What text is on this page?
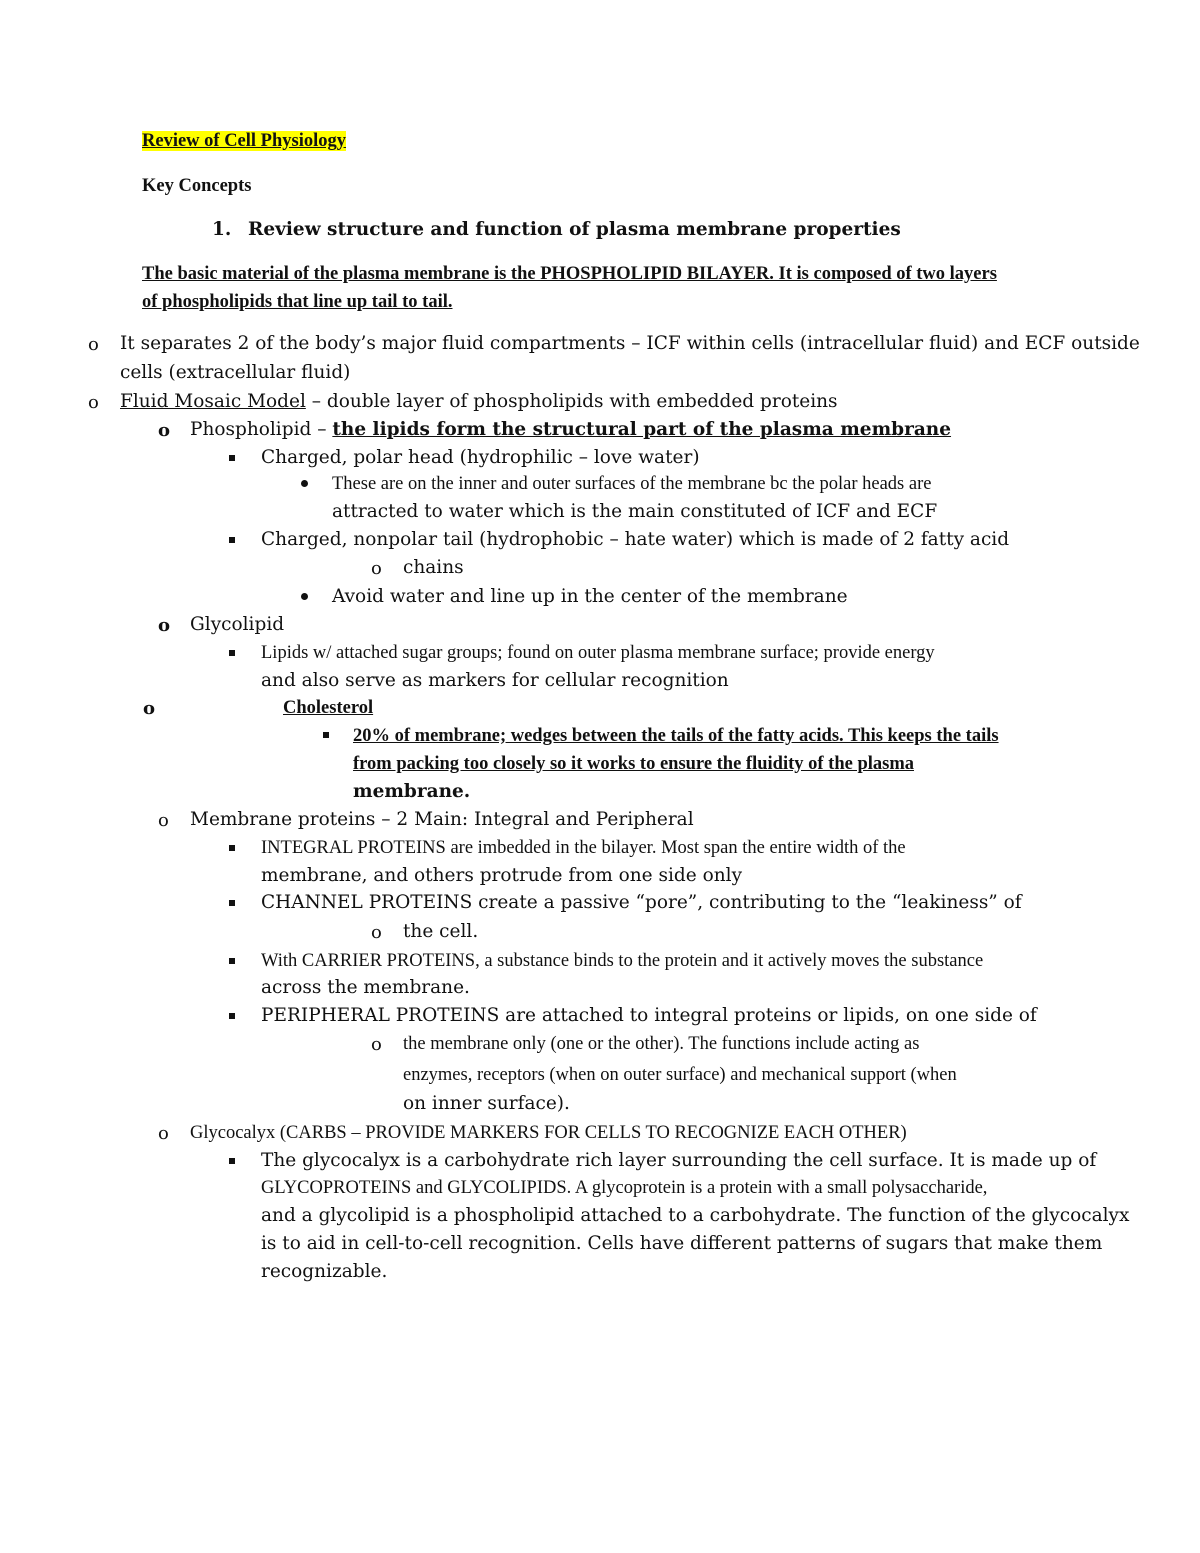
Review of Cell Physiology
Key Concepts
1. Review structure and function of plasma membrane properties
The basic material of the plasma membrane is the PHOSPHOLIPID BILAYER. It is composed of two layers
of phospholipids that line up tail to tail.
o It separates 2 of the body’s major fluid compartments – ICF within cells (intracellular fluid) and ECF outside
cells (extracellular fluid)
o Fluid Mosaic Model – double layer of phospholipids with embedded proteins
o Phospholipid – the lipids form the structural part of the plasma membrane
Charged, polar head (hydrophilic – love water)
These are on the inner and outer surfaces of the membrane bc the polar heads are
attracted to water which is the main constituted of ICF and ECF
Charged, nonpolar tail (hydrophobic – hate water) which is made of 2 fatty acid
o chains
Avoid water and line up in the center of the membrane
o Glycolipid
Lipids w/ attached sugar groups; found on outer plasma membrane surface; provide energy
and also serve as markers for cellular recognition
o	Cholesterol
20% of membrane; wedges between the tails of the fatty acids. This keeps the tails
from packing too closely so it works to ensure the fluidity of the plasma
membrane.
o Membrane proteins – 2 Main: Integral and Peripheral
INTEGRAL PROTEINS are imbedded in the bilayer. Most span the entire width of the
membrane, and others protrude from one side only
CHANNEL PROTEINS create a passive “pore”, contributing to the “leakiness” of
o the cell.
With CARRIER PROTEINS, a substance binds to the protein and it actively moves the substance
across the membrane.
PERIPHERAL PROTEINS are attached to integral proteins or lipids, on one side of
o the membrane only (one or the other). The functions include acting as
enzymes, receptors (when on outer surface) and mechanical support (when
on inner surface).
o Glycocalyx (CARBS – PROVIDE MARKERS FOR CELLS TO RECOGNIZE EACH OTHER)
The glycocalyx is a carbohydrate rich layer surrounding the cell surface. It is made up of
GLYCOPROTEINS and GLYCOLIPIDS. A glycoprotein is a protein with a small polysaccharide,
and a glycolipid is a phospholipid attached to a carbohydrate. The function of the glycocalyx
is to aid in cell-to-cell recognition. Cells have different patterns of sugars that make them
recognizable.
